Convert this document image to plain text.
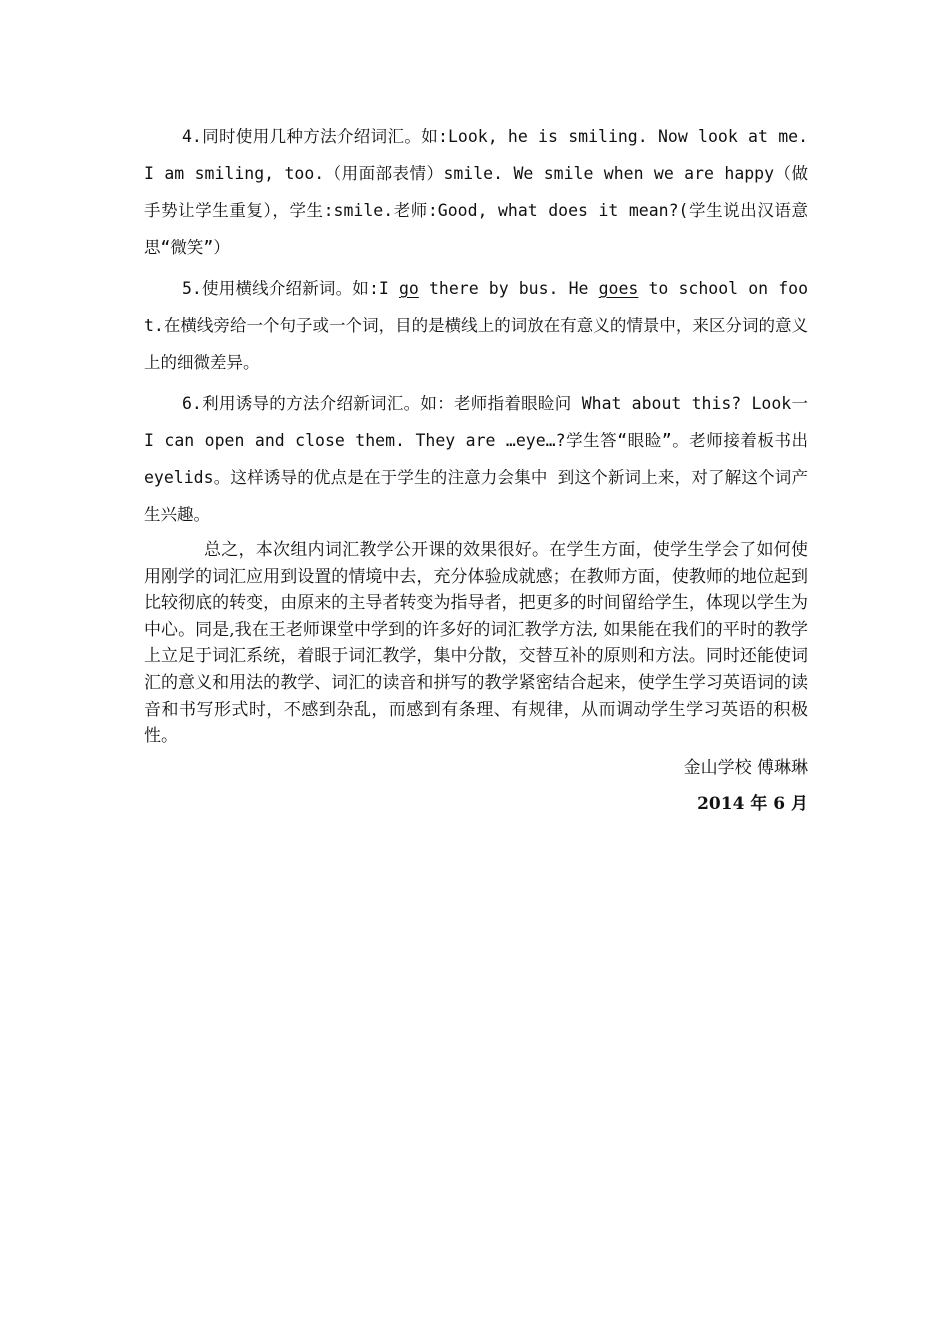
4.同时使用几种方法介绍词汇。如:Look, he is smiling. Now look at me. I am smiling, too.（用面部表情）smile. We smile when we are happy（做手势让学生重复），学生:smile.老师:Good, what does it mean?(学生说出汉语意思“微笑”）

5.使用横线介绍新词。如:I go there by bus. He goes to school on foot.在横线旁给一个句子或一个词，目的是横线上的词放在有意义的情景中，来区分词的意义上的细微差异。

6.利用诱导的方法介绍新词汇。如：老师指着眼睑问 What about this? Look一I can open and close them. They are …eye…?学生答“眼睑”。老师接着板书出 eyelids。这样诱导的优点是在于学生的注意力会集中 到这个新词上来，对了解这个词产生兴趣。

总之，本次组内词汇教学公开课的效果很好。在学生方面，使学生学会了如何使用刚学的词汇应用到设置的情境中去，充分体验成就感；在教师方面，使教师的地位起到比较彻底的转变，由原来的主导者转变为指导者，把更多的时间留给学生，体现以学生为中心。同是,我在王老师课堂中学到的许多好的词汇教学方法, 如果能在我们的平时的教学上立足于词汇系统，着眼于词汇教学，集中分散，交替互补的原则和方法。同时还能使词汇的意义和用法的教学、词汇的读音和拼写的教学紧密结合起来，使学生学习英语词的读音和书写形式时，不感到杂乱，而感到有条理、有规律，从而调动学生学习英语的积极性。

金山学校 傅琳琳

2014 年 6 月
